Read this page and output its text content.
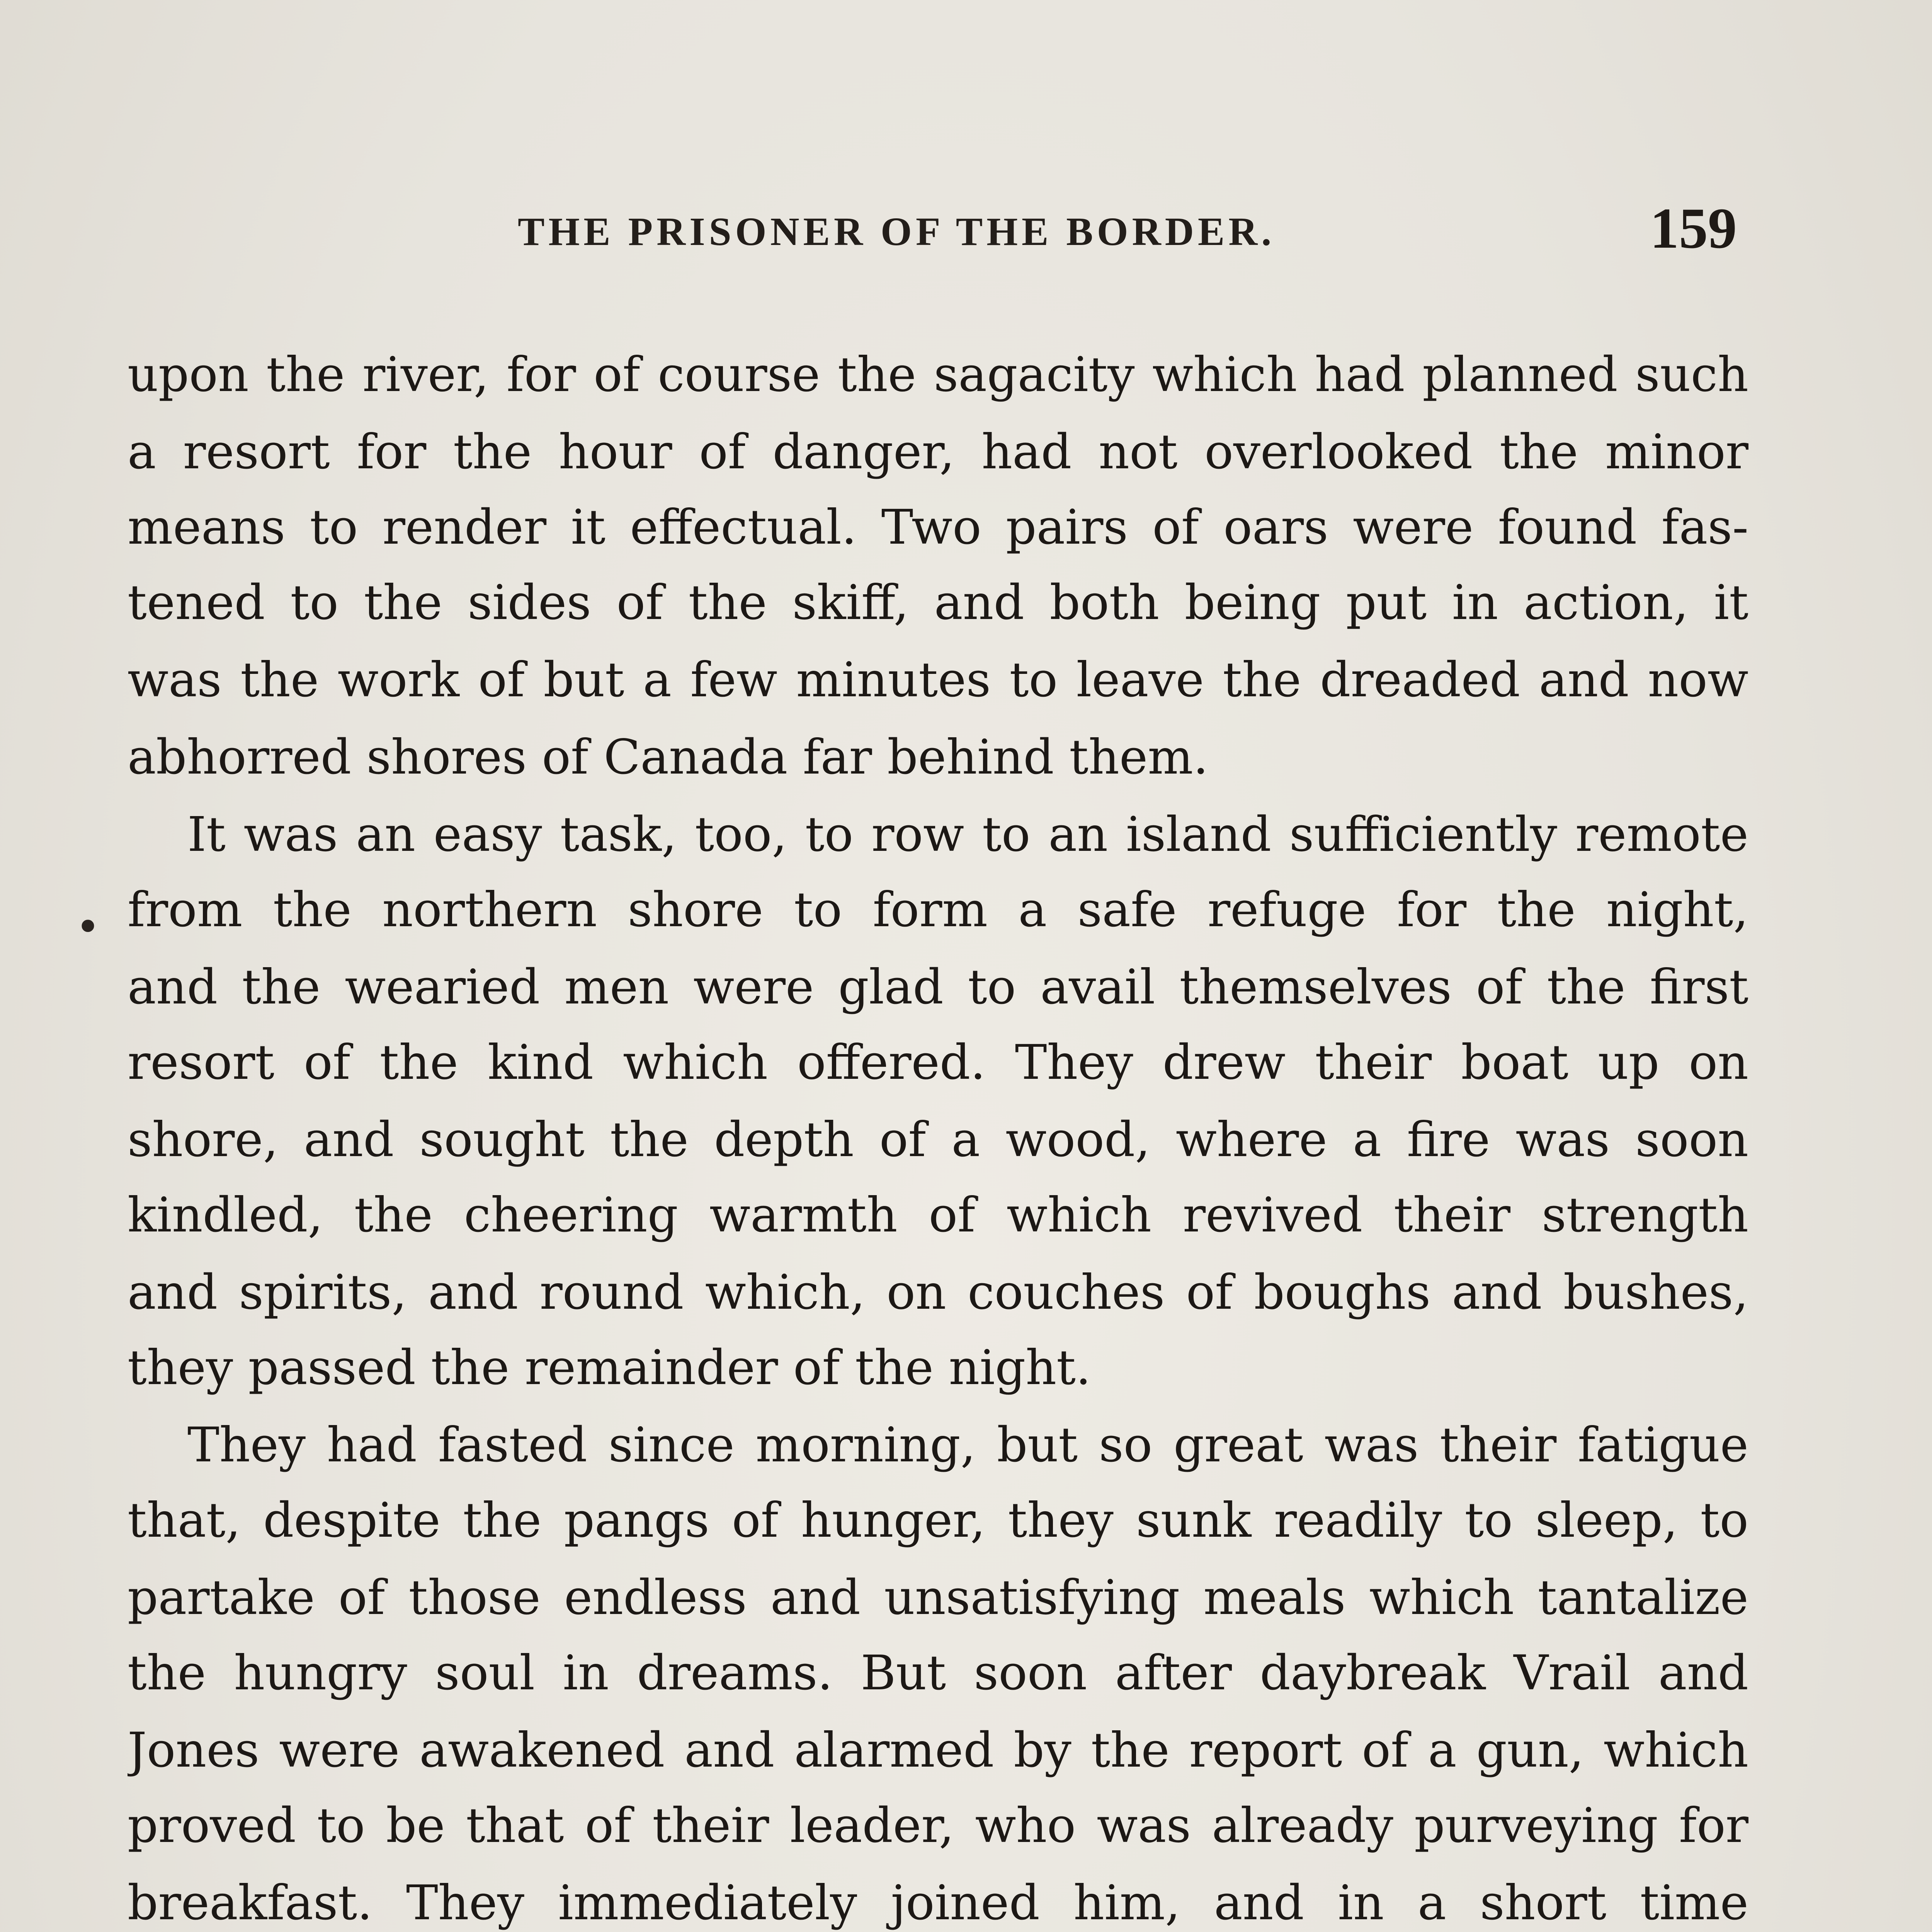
THE PRISONER OF THE BORDER.	159
•
upon the river, for of course the sagacity which had planned such
a resort for the hour of danger, had not overlooked the minor
means to render it effectual. Two pairs of oars were found fas-
tened to the sides of the skiff, and both being put in action, it
was the work of but a few minutes to leave the dreaded and now
abhorred shores of Canada far behind them.
It was an easy task, too, to row to an island sufficiently remote
from the northern shore to form a safe refuge for the night,
and the wearied men were glad to avail themselves of the first
resort of the kind which offered. They drew their boat up on
shore, and sought the depth of a wood, where a fire was soon
kindled, the cheering warmth of which revived their strength
and spirits, and round which, on couches of boughs and bushes,
they passed the remainder of the night.
They had fasted since morning, but so great was their fatigue
that, despite the pangs of hunger, they sunk readily to sleep, to
partake of those endless and unsatisfying meals which tantalize
the hungry soul in dreams. But soon after daybreak Vrail and
Jones were awakened and alarmed by the report of a gun, which
proved to be that of their leader, who was already purveying for
breakfast. They immediately joined him, and in a short time
